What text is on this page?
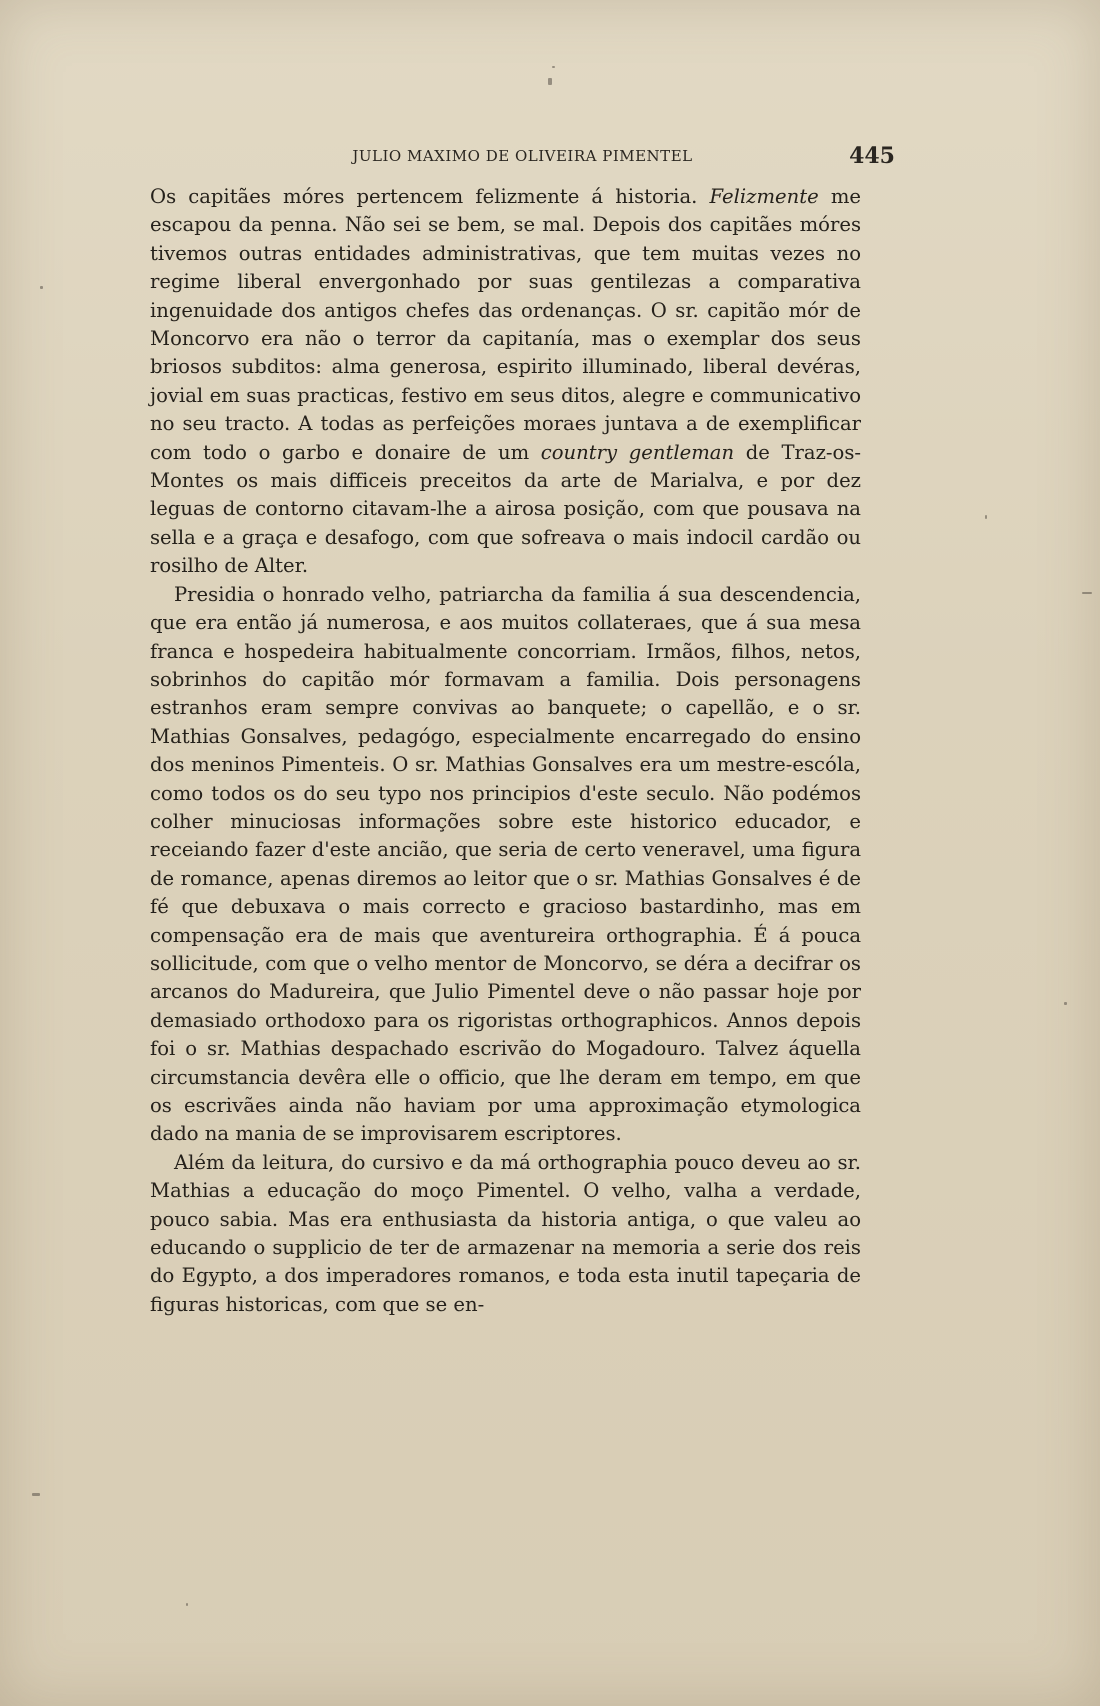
JULIO MAXIMO DE OLIVEIRA PIMENTEL	445

Os capitães móres pertencem felizmente á historia. Felizmente me escapou da penna. Não sei se bem, se mal. Depois dos capitães móres tivemos outras entidades administrativas, que tem muitas vezes no regime liberal envergonhado por suas gentilezas a comparativa ingenuidade dos antigos chefes das ordenanças. O sr. capitão mór de Moncorvo era não o terror da capitanía, mas o exemplar dos seus briosos subditos: alma generosa, espirito illuminado, liberal devéras, jovial em suas practicas, festivo em seus ditos, alegre e communicativo no seu tracto. A todas as perfeições moraes juntava a de exemplificar com todo o garbo e donaire de um country gentleman de Traz-os-Montes os mais difficeis preceitos da arte de Marialva, e por dez leguas de contorno citavam-lhe a airosa posição, com que pousava na sella e a graça e desafogo, com que sofreava o mais indocil cardão ou rosilho de Alter.

Presidia o honrado velho, patriarcha da familia á sua descendencia, que era então já numerosa, e aos muitos collateraes, que á sua mesa franca e hospedeira habitualmente concorriam. Irmãos, filhos, netos, sobrinhos do capitão mór formavam a familia. Dois personagens estranhos eram sempre convivas ao banquete; o capellão, e o sr. Mathias Gonsalves, pedagógo, especialmente encarregado do ensino dos meninos Pimenteis. O sr. Mathias Gonsalves era um mestre-escóla, como todos os do seu typo nos principios d'este seculo. Não podémos colher minuciosas informações sobre este historico educador, e receiando fazer d'este ancião, que seria de certo veneravel, uma figura de romance, apenas diremos ao leitor que o sr. Mathias Gonsalves é de fé que debuxava o mais correcto e gracioso bastardinho, mas em compensação era de mais que aventureira orthographia. É á pouca sollicitude, com que o velho mentor de Moncorvo, se déra a decifrar os arcanos do Madureira, que Julio Pimentel deve o não passar hoje por demasiado orthodoxo para os rigoristas orthographicos. Annos depois foi o sr. Mathias despachado escrivão do Mogadouro. Talvez áquella circumstancia devêra elle o officio, que lhe deram em tempo, em que os escrivães ainda não haviam por uma approximação etymologica dado na mania de se improvisarem escriptores.

Além da leitura, do cursivo e da má orthographia pouco deveu ao sr. Mathias a educação do moço Pimentel. O velho, valha a verdade, pouco sabia. Mas era enthusiasta da historia antiga, o que valeu ao educando o supplicio de ter de armazenar na memoria a serie dos reis do Egypto, a dos imperadores romanos, e toda esta inutil tapeçaria de figuras historicas, com que se en-
